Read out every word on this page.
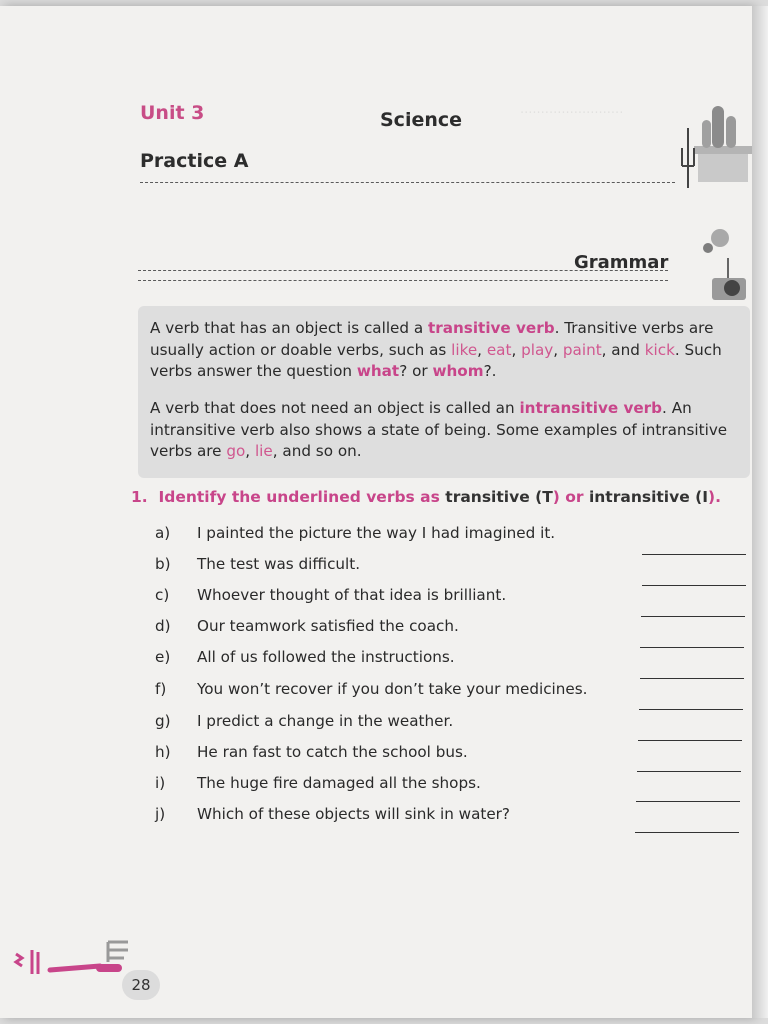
.........................
Unit 3	Science
Practice A
Grammar

A verb that has an object is called a transitive verb. Transitive verbs are usually action or doable verbs, such as like, eat, play, paint, and kick. Such verbs answer the question what? or whom?.

A verb that does not need an object is called an intransitive verb. An intransitive verb also shows a state of being. Some examples of intransitive verbs are go, lie, and so on.

1. Identify the underlined verbs as transitive (T) or intransitive (I).
a) I painted the picture the way I had imagined it.
b) The test was difficult.
c) Whoever thought of that idea is brilliant.
d) Our teamwork satisfied the coach.
e) All of us followed the instructions.
f) You won’t recover if you don’t take your medicines.
g) I predict a change in the weather.
h) He ran fast to catch the school bus.
i) The huge fire damaged all the shops.
j) Which of these objects will sink in water?
28
